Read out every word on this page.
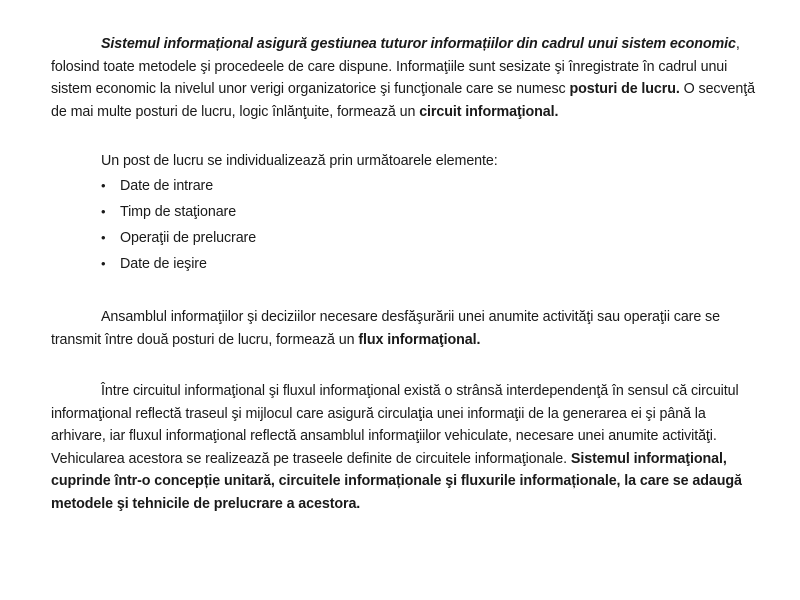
Sistemul informațional asigură gestiunea tuturor informațiilor din cadrul unui sistem economic, folosind toate metodele şi procedeele de care dispune. Informaţiile sunt sesizate şi înregistrate în cadrul unui sistem economic la nivelul unor verigi organizatorice şi funcţionale care se numesc posturi de lucru. O secvenţă de mai multe posturi de lucru, logic înlănţuite, formează un circuit informaţional.

Un post de lucru se individualizează prin următoarele elemente:

• Date de intrare
• Timp de staţionare
• Operaţii de prelucrare
• Date de ieşire

Ansamblul informaţiilor şi deciziilor necesare desfăşurării unei anumite activităţi sau operaţii care se transmit între două posturi de lucru, formează un flux informaţional.

Între circuitul informaţional şi fluxul informaţional există o strânsă interdependenţă în sensul că circuitul informaţional reflectă traseul şi mijlocul care asigură circulaţia unei informaţii de la generarea ei şi până la arhivare, iar fluxul informaţional reflectă ansamblul informaţiilor vehiculate, necesare unei anumite activităţi. Vehicularea acestora se realizează pe traseele definite de circuitele informaţionale. Sistemul informaţional, cuprinde într-o concepție unitară, circuitele informaționale şi fluxurile informaționale, la care se adaugă metodele şi tehnicile de prelucrare a acestora.
